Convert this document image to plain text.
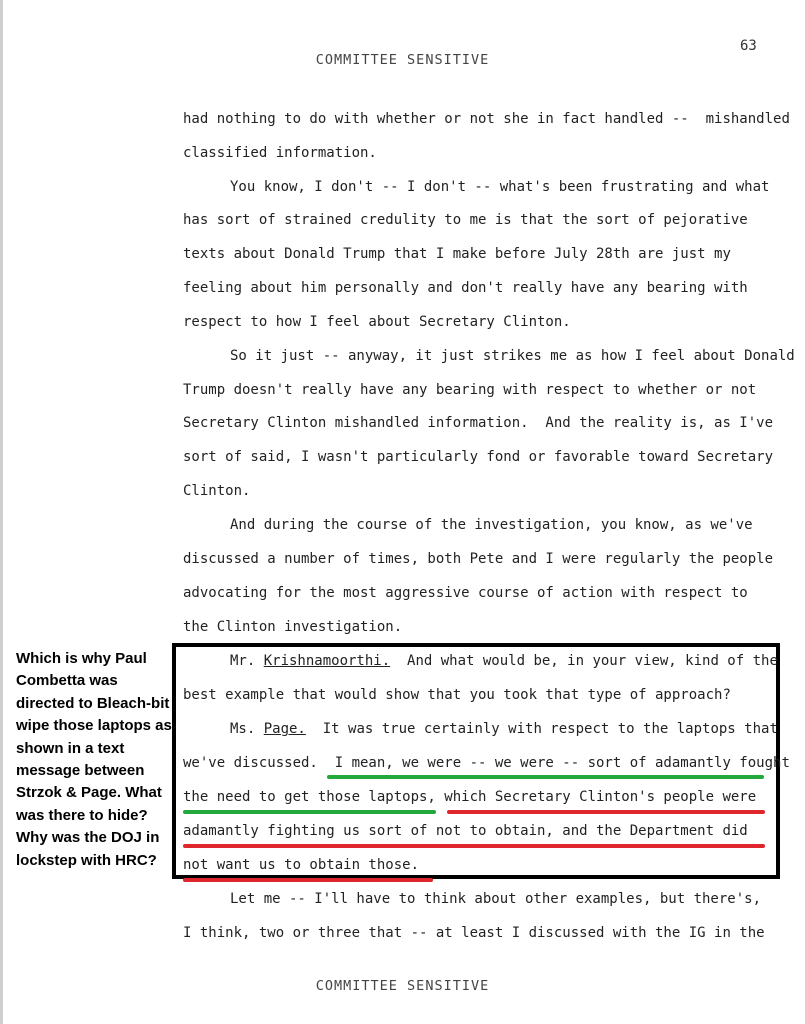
63
COMMITTEE SENSITIVE
had nothing to do with whether or not she in fact handled --  mishandled
classified information.
You know, I don't -- I don't -- what's been frustrating and what
has sort of strained credulity to me is that the sort of pejorative
texts about Donald Trump that I make before July 28th are just my
feeling about him personally and don't really have any bearing with
respect to how I feel about Secretary Clinton.
So it just -- anyway, it just strikes me as how I feel about Donald
Trump doesn't really have any bearing with respect to whether or not
Secretary Clinton mishandled information.  And the reality is, as I've
sort of said, I wasn't particularly fond or favorable toward Secretary
Clinton.
And during the course of the investigation, you know, as we've
discussed a number of times, both Pete and I were regularly the people
advocating for the most aggressive course of action with respect to
the Clinton investigation.
Which is why Paul Combetta was directed to Bleach-bit wipe those laptops as shown in a text message between Strzok & Page. What was there to hide? Why was the DOJ in lockstep with HRC?
Mr. Krishnamoorthi.  And what would be, in your view, kind of the
best example that would show that you took that type of approach?
Ms. Page.  It was true certainly with respect to the laptops that
we've discussed.  I mean, we were -- we were -- sort of adamantly fought
the need to get those laptops, which Secretary Clinton's people were
adamantly fighting us sort of not to obtain, and the Department did
not want us to obtain those.
Let me -- I'll have to think about other examples, but there's,
I think, two or three that -- at least I discussed with the IG in the
COMMITTEE SENSITIVE
